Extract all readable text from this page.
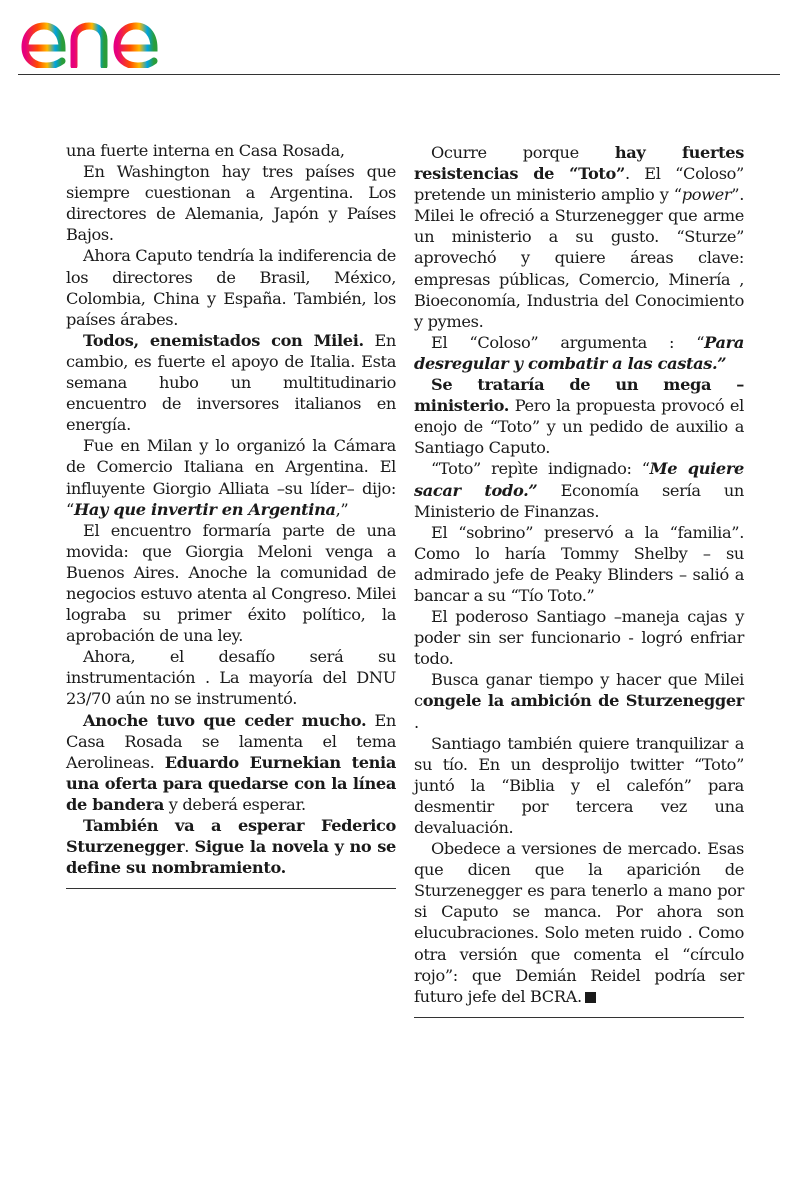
una fuerte interna en Casa Rosada,

En Washington hay tres países que siempre cuestionan a Argentina. Los directores de Alemania, Japón y Países Bajos.

Ahora Caputo tendría la indiferencia de los directores de Brasil, México, Colombia, China y España. También, los países árabes.

Todos, enemistados con Milei. En cambio, es fuerte el apoyo de Italia. Esta semana hubo un multitudinario encuentro de inversores italianos en energía.

Fue en Milan y lo organizó la Cámara de Comercio Italiana en Argentina. El influyente Giorgio Alliata –su líder– dijo: “Hay que invertir en Argentina,”

El encuentro formaría parte de una movida: que Giorgia Meloni venga a Buenos Aires. Anoche la comunidad de negocios estuvo atenta al Congreso. Milei lograba su primer éxito político, la aprobación de una ley.

Ahora, el desafío será su instrumentación . La mayoría del DNU 23/70 aún no se instrumentó.

Anoche tuvo que ceder mucho. En Casa Rosada se lamenta el tema Aerolineas. Eduardo Eurnekian tenia una oferta para quedarse con la línea de bandera y deberá esperar.

También va a esperar Federico Sturzenegger. Sigue la novela y no se define su nombramiento.

Ocurre porque hay fuertes resistencias de “Toto”. El “Coloso” pretende un ministerio amplio y “power”. Milei le ofreció a Sturzenegger que arme un ministerio a su gusto. “Sturze” aprovechó y quiere áreas clave: empresas públicas, Comercio, Minería , Bioeconomía, Industria del Conocimiento y pymes.

El “Coloso” argumenta : “Para desregular y combatir a las castas.”

Se trataría de un mega – ministerio. Pero la propuesta provocó el enojo de “Toto” y un pedido de auxilio a Santiago Caputo.

“Toto” repìte indignado: “Me quiere sacar todo.” Economía sería un Ministerio de Finanzas.

El “sobrino” preservó a la “familia”. Como lo haría Tommy Shelby – su admirado jefe de Peaky Blinders – salió a bancar a su “Tío Toto.”

El poderoso Santiago –maneja cajas y poder sin ser funcionario - logró enfriar todo.

Busca ganar tiempo y hacer que Milei congele la ambición de Sturzenegger .

Santiago también quiere tranquilizar a su tío. En un desprolijo twitter “Toto” juntó la “Biblia y el calefón” para desmentir por tercera vez una devaluación.

Obedece a versiones de mercado. Esas que dicen que la aparición de Sturzenegger es para tenerlo a mano por si Caputo se manca. Por ahora son elucubraciones. Solo meten ruido . Como otra versión que comenta el “círculo rojo”: que Demián Reidel podría ser futuro jefe del BCRA.
